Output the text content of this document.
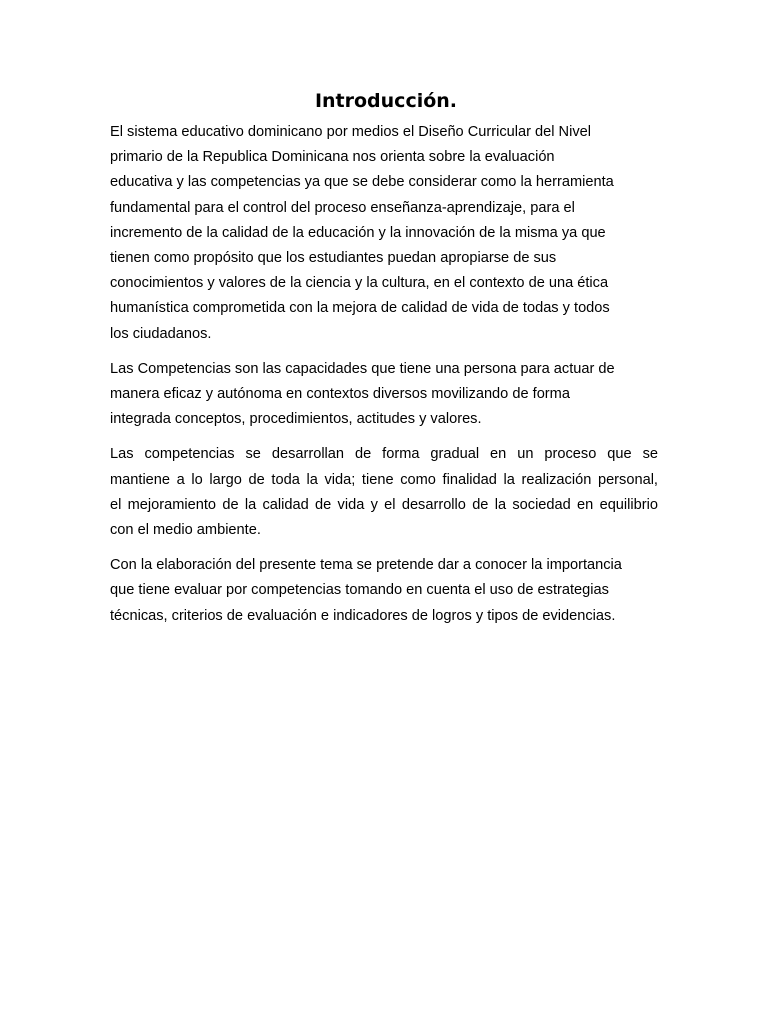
Introducción.

El sistema educativo dominicano por medios el Diseño Curricular del Nivel
primario de la Republica Dominicana nos orienta sobre la evaluación
educativa y las competencias ya que se debe considerar como la herramienta
fundamental para el control del proceso enseñanza-aprendizaje, para el
incremento de la calidad de la educación y la innovación de la misma ya que
tienen como propósito que los estudiantes puedan apropiarse de sus
conocimientos y valores de la ciencia y la cultura, en el contexto de una ética
humanística comprometida con la mejora de calidad de vida de todas y todos
los ciudadanos.

Las Competencias son las capacidades que tiene una persona para actuar de
manera eficaz y autónoma en contextos diversos movilizando de forma
integrada conceptos, procedimientos, actitudes y valores.

Las competencias se desarrollan de forma gradual en un proceso que se
mantiene a lo largo de toda la vida; tiene como finalidad la realización personal,
el mejoramiento de la calidad de vida y el desarrollo de la sociedad en equilibrio
con el medio ambiente.

Con la elaboración del presente tema se pretende dar a conocer la importancia
que tiene evaluar por competencias tomando en cuenta el uso de estrategias
técnicas, criterios de evaluación e indicadores de logros y tipos de evidencias.
